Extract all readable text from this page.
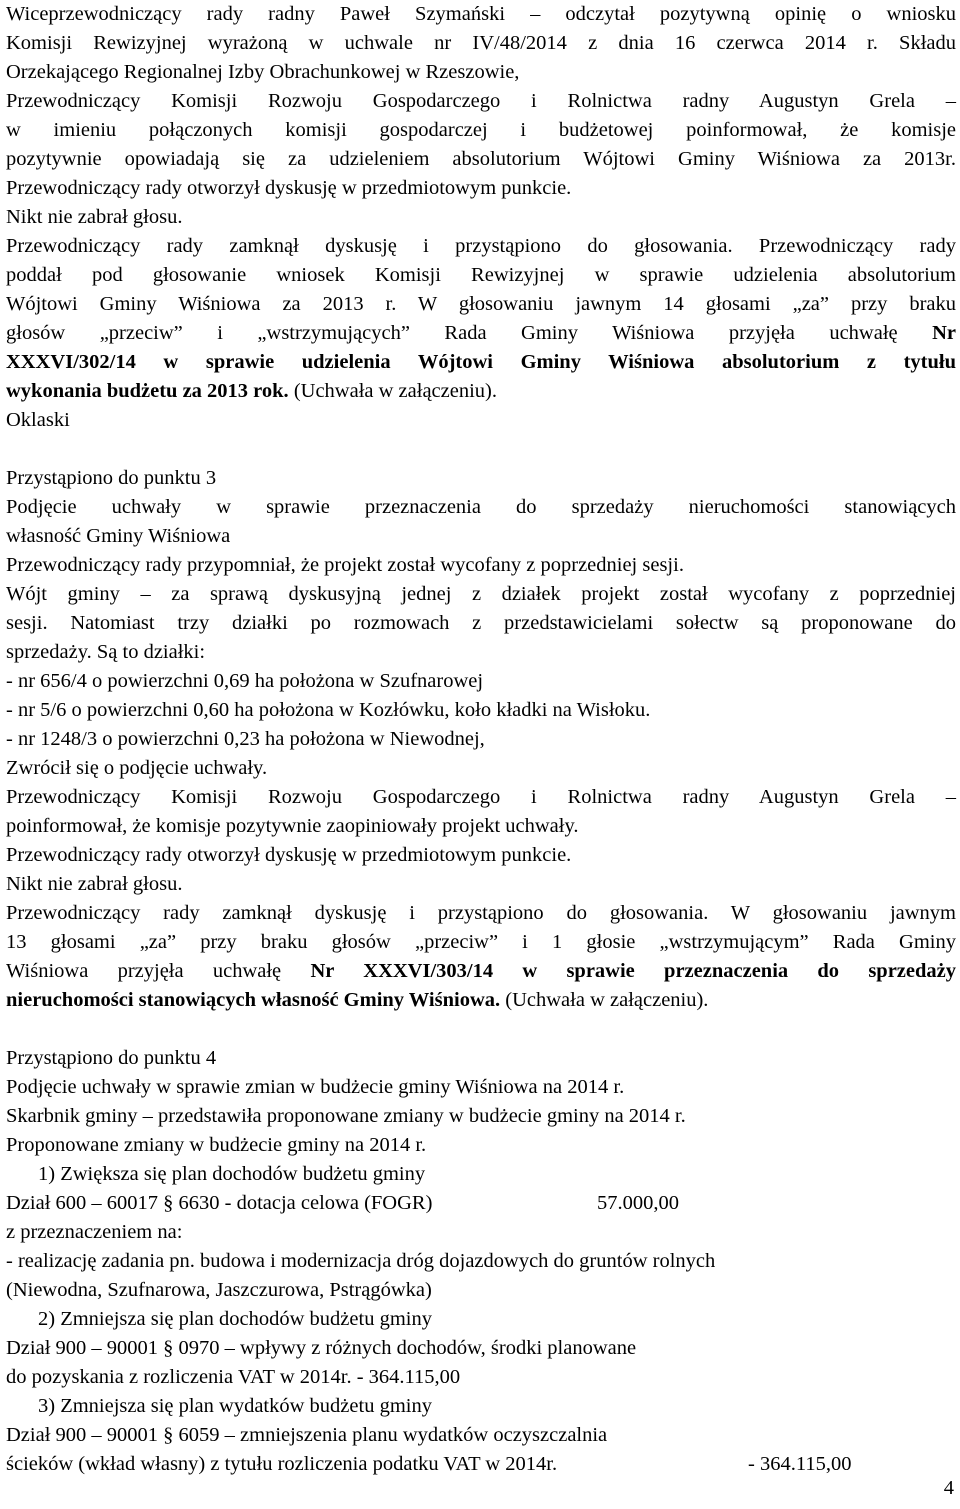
Wiceprzewodniczący rady radny Paweł Szymański – odczytał pozytywną opinię o wniosku

Komisji Rewizyjnej wyrażoną w uchwale nr IV/48/2014 z dnia 16 czerwca 2014 r. Składu

Orzekającego Regionalnej Izby Obrachunkowej w Rzeszowie,

Przewodniczący Komisji Rozwoju Gospodarczego i Rolnictwa radny Augustyn Grela –

w imieniu połączonych komisji gospodarczej i budżetowej poinformował, że komisje

pozytywnie opowiadają się za udzieleniem absolutorium Wójtowi Gminy Wiśniowa za 2013r.

Przewodniczący rady otworzył dyskusję w przedmiotowym punkcie.

Nikt nie zabrał głosu.

Przewodniczący rady zamknął dyskusję i przystąpiono do głosowania. Przewodniczący rady

poddał pod głosowanie wniosek Komisji Rewizyjnej w sprawie udzielenia absolutorium

Wójtowi Gminy Wiśniowa za 2013 r. W głosowaniu jawnym 14 głosami „za” przy braku

głosów „przeciw” i „wstrzymujących” Rada Gminy Wiśniowa przyjęła uchwałę Nr

XXXVI/302/14 w sprawie udzielenia Wójtowi Gminy Wiśniowa absolutorium z tytułu

wykonania budżetu za 2013 rok. (Uchwała w załączeniu).

Oklaski

Przystąpiono do punktu 3

Podjęcie uchwały w sprawie przeznaczenia do sprzedaży nieruchomości stanowiących

własność Gminy Wiśniowa

Przewodniczący rady przypomniał, że projekt został wycofany z poprzedniej sesji.

Wójt gminy – za sprawą dyskusyjną jednej z działek projekt został wycofany z poprzedniej

sesji. Natomiast trzy działki po rozmowach z przedstawicielami sołectw są proponowane do

sprzedaży. Są to działki:

- nr 656/4 o powierzchni 0,69 ha położona w Szufnarowej

- nr 5/6 o powierzchni 0,60 ha położona w Kozłówku, koło kładki na Wisłoku.

- nr 1248/3 o powierzchni 0,23 ha położona w Niewodnej,

Zwrócił się o podjęcie uchwały.

Przewodniczący Komisji Rozwoju Gospodarczego i Rolnictwa radny Augustyn Grela –

poinformował, że komisje pozytywnie zaopiniowały projekt uchwały.

Przewodniczący rady otworzył dyskusję w przedmiotowym punkcie.

Nikt nie zabrał głosu.

Przewodniczący rady zamknął dyskusję i przystąpiono do głosowania. W głosowaniu jawnym

13 głosami „za” przy braku głosów „przeciw” i 1 głosie „wstrzymującym” Rada Gminy

Wiśniowa przyjęła uchwałę Nr XXXVI/303/14 w sprawie przeznaczenia do sprzedaży

nieruchomości stanowiących własność Gminy Wiśniowa. (Uchwała w załączeniu).

Przystąpiono do punktu 4

Podjęcie uchwały w sprawie zmian w budżecie gminy Wiśniowa na 2014 r.

Skarbnik gminy – przedstawiła proponowane zmiany w budżecie gminy na 2014 r.

Proponowane zmiany w budżecie gminy na 2014 r.

1) Zwiększa się plan dochodów budżetu gminy

Dział 600 – 60017 § 6630 - dotacja celowa (FOGR)	57.000,00

z przeznaczeniem na:

- realizację zadania pn. budowa i modernizacja dróg dojazdowych do gruntów rolnych

(Niewodna, Szufnarowa, Jaszczurowa, Pstrągówka)

2) Zmniejsza się plan dochodów budżetu gminy

Dział 900 – 90001 § 0970 – wpływy z różnych dochodów, środki planowane

do pozyskania z rozliczenia VAT w 2014r. - 364.115,00

3) Zmniejsza się plan wydatków budżetu gminy

Dział 900 – 90001 § 6059 – zmniejszenia planu wydatków oczyszczalnia

ścieków (wkład własny) z tytułu rozliczenia podatku VAT w 2014r.	- 364.115,00

4
